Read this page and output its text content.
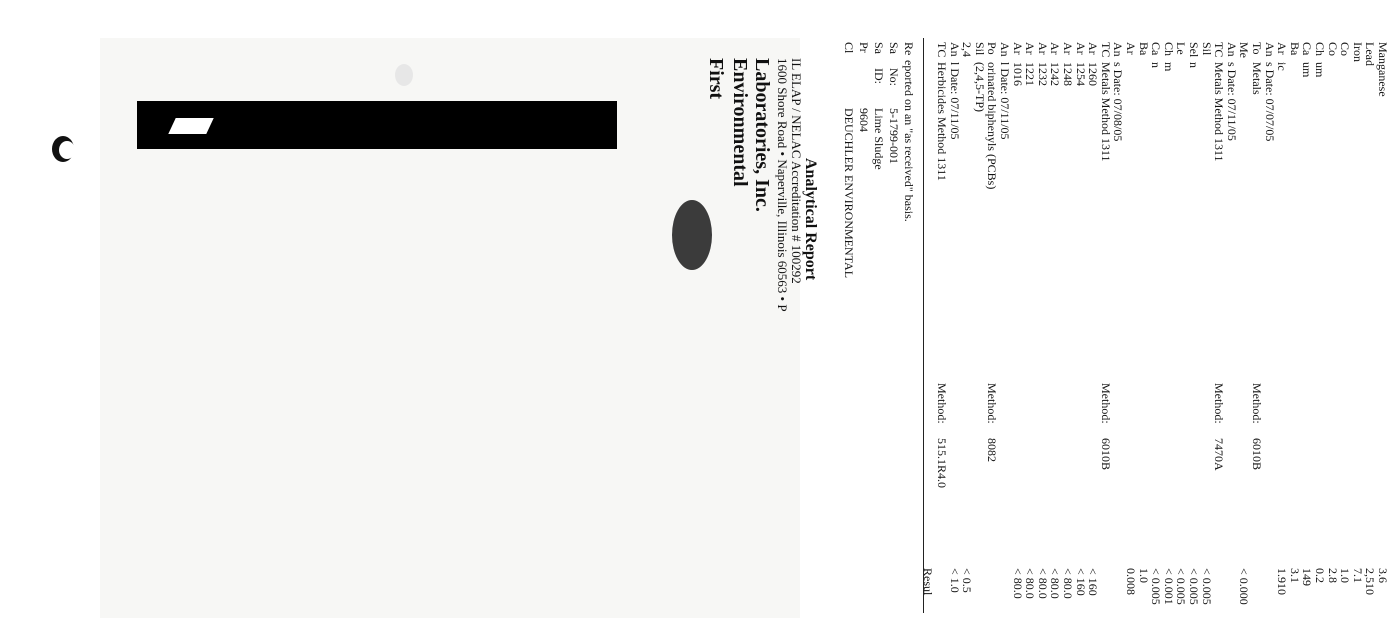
First Environmental Laboratories, Inc. 1600 Shore Road • Naperville, Illinois 60563 • P IL ELAP / NELAC Accreditation # 100292
Analytical Report
Cl
DEUCHLER ENVIRONMENTAL
Pr
9604
Sa
ID:
Lime Sludge
Sa
No:
5-1799-001
Re
eported on an "as received" basis.
Resul
TC
Herbicides Method 1311
Method:
515.1R4.0
An
l Date: 07/11/05
< 1.0
2,4
< 0.5
Sil
(2,4,5-TP)
Po
orinated biphenyls (PCBs)
Method:
8082
An
l Date: 07/11/05
Ar
1016
< 80.0
Ar
1221
< 80.0
Ar
1232
< 80.0
Ar
1242
< 80.0
Ar
1248
< 80.0
Ar
1254
< 160
Ar
1260
< 160
TC
Metals Method 1311
Method:
6010B
An
s Date: 07/08/05
Ar
0.008
Ba
1.0
Ca
n
< 0.005
Ch
m
< 0.001
Le
< 0.005
Sel
n
< 0.005
Sil
< 0.005
TC
Metals Method 1311
Method:
7470A
An
s Date: 07/11/05
Me
< 0.000
To
Metals
Method:
6010B
An
s Date: 07/07/05
Ar
ic
1.910
Ba
3.1
Ca
um
149
Ch
um
0.2
Co
2.8
Co
1.0
Iron
7.1
Lead
2,510
Manganese
3.6
